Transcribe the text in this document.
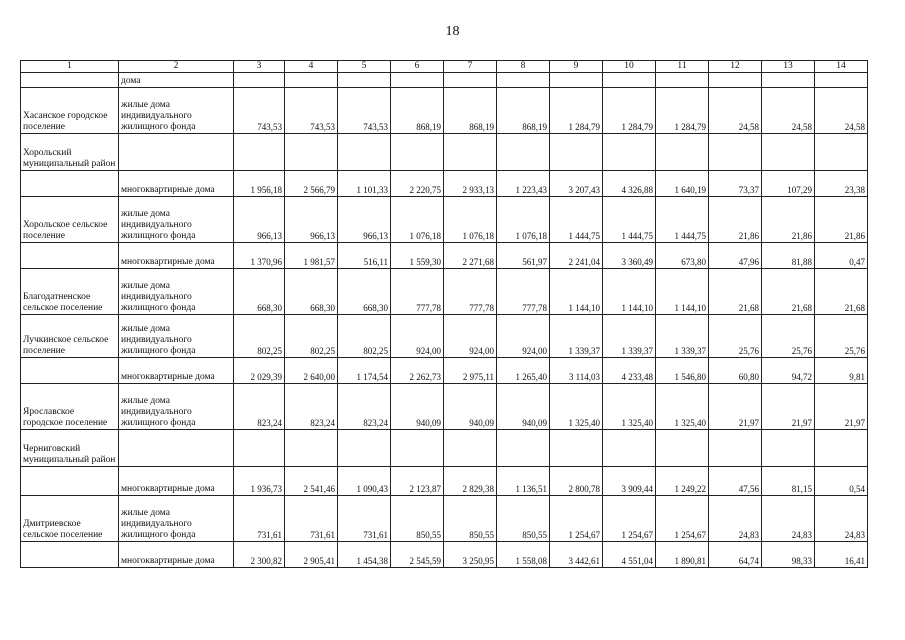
18
1	2	3	4	5	6	7	8	9	10	11	12	13	14
	дома												
Хасанское городское поселение	жилые дома индивидуального жилищного фонда	743,53	743,53	743,53	868,19	868,19	868,19	1 284,79	1 284,79	1 284,79	24,58	24,58	24,58
Хорольский муниципальный район													
	многоквартирные дома	1 956,18	2 566,79	1 101,33	2 220,75	2 933,13	1 223,43	3 207,43	4 326,88	1 640,19	73,37	107,29	23,38
Хорольское сельское поселение	жилые дома индивидуального жилищного фонда	966,13	966,13	966,13	1 076,18	1 076,18	1 076,18	1 444,75	1 444,75	1 444,75	21,86	21,86	21,86
	многоквартирные дома	1 370,96	1 981,57	516,11	1 559,30	2 271,68	561,97	2 241,04	3 360,49	673,80	47,96	81,88	0,47
Благодатненское сельское поселение	жилые дома индивидуального жилищного фонда	668,30	668,30	668,30	777,78	777,78	777,78	1 144,10	1 144,10	1 144,10	21,68	21,68	21,68
Лучкинское сельское поселение	жилые дома индивидуального жилищного фонда	802,25	802,25	802,25	924,00	924,00	924,00	1 339,37	1 339,37	1 339,37	25,76	25,76	25,76
	многоквартирные дома	2 029,39	2 640,00	1 174,54	2 262,73	2 975,11	1 265,40	3 114,03	4 233,48	1 546,80	60,80	94,72	9,81
Ярославское городское поселение	жилые дома индивидуального жилищного фонда	823,24	823,24	823,24	940,09	940,09	940,09	1 325,40	1 325,40	1 325,40	21,97	21,97	21,97
Черниговский муниципальный район													
	многоквартирные дома	1 936,73	2 541,46	1 090,43	2 123,87	2 829,38	1 136,51	2 800,78	3 909,44	1 249,22	47,56	81,15	0,54
Дмитриевское сельское поселение	жилые дома индивидуального жилищного фонда	731,61	731,61	731,61	850,55	850,55	850,55	1 254,67	1 254,67	1 254,67	24,83	24,83	24,83
	многоквартирные дома	2 300,82	2 905,41	1 454,38	2 545,59	3 250,95	1 558,08	3 442,61	4 551,04	1 890,81	64,74	98,33	16,41
